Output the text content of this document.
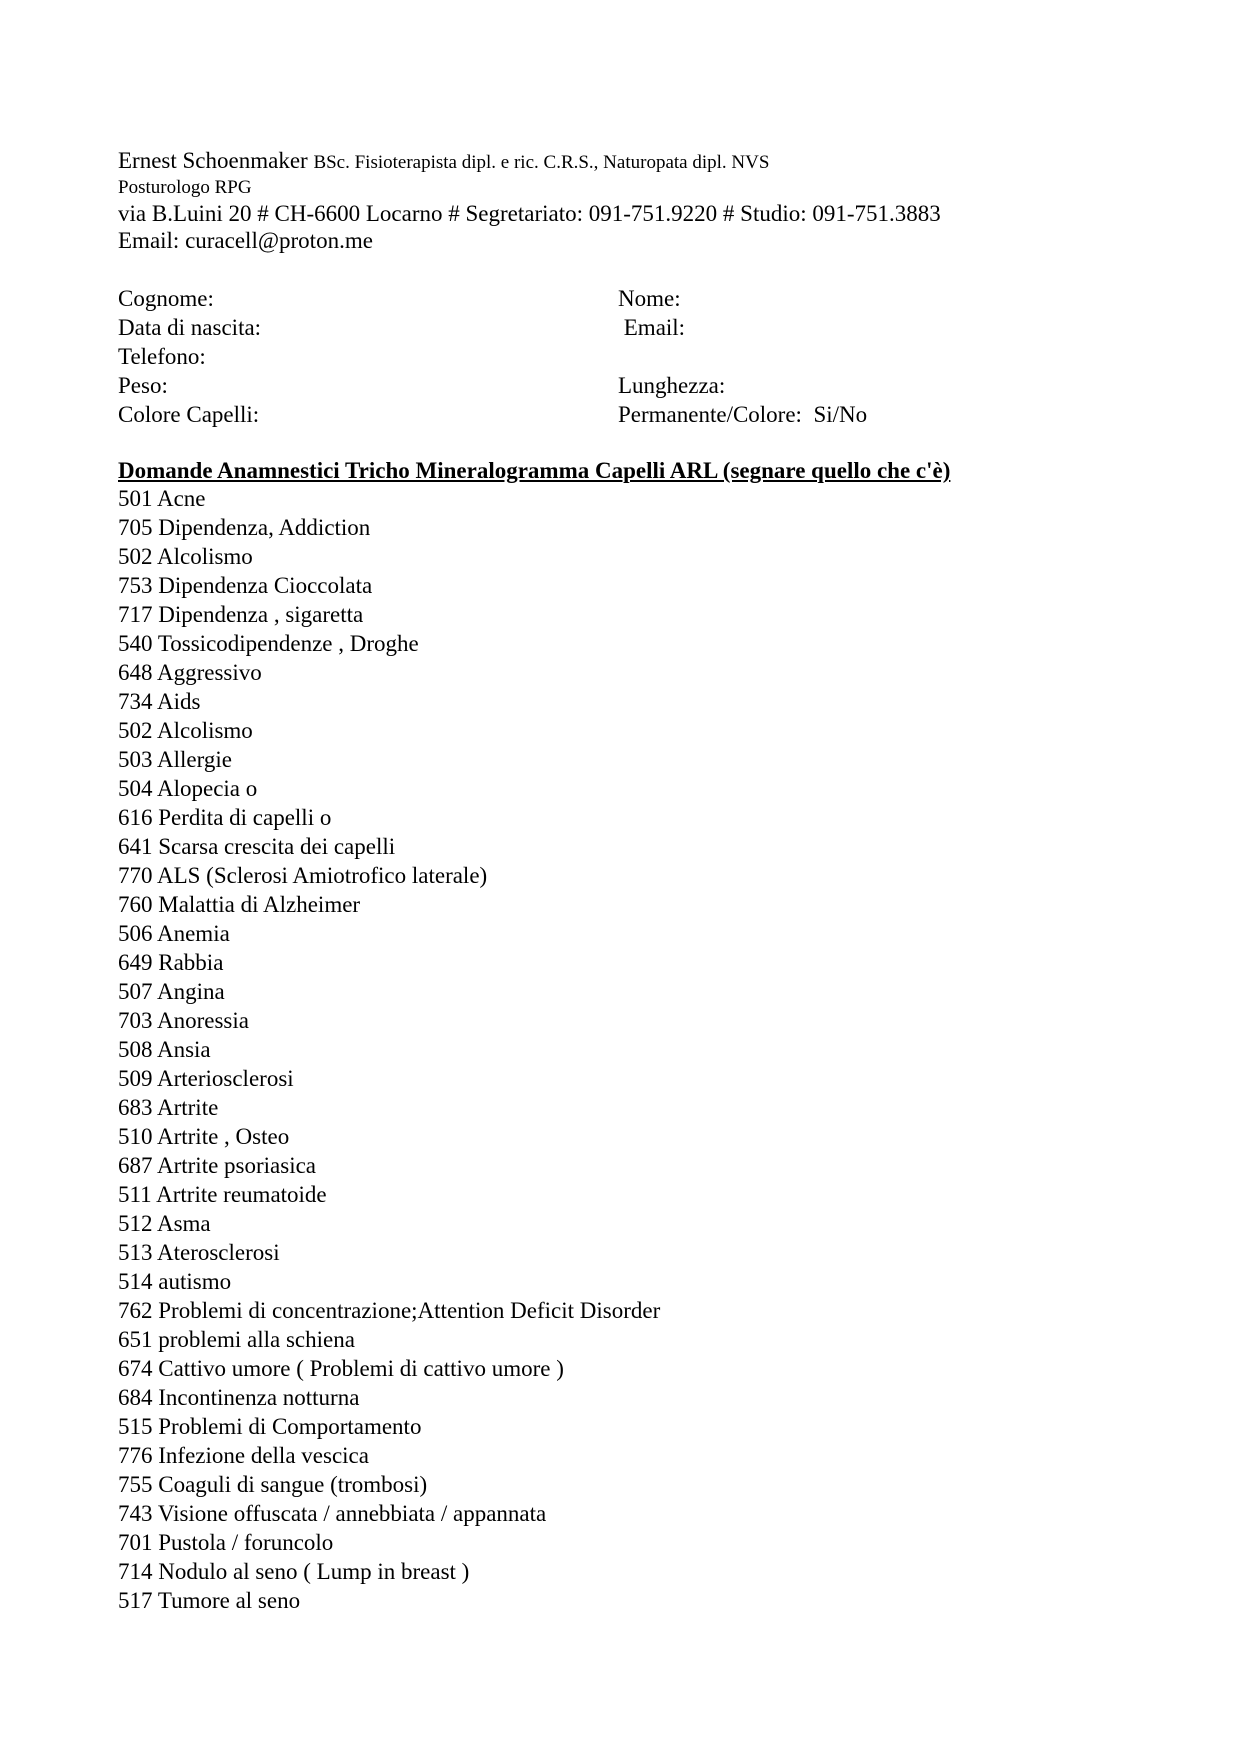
Ernest Schoenmaker BSc. Fisioterapista dipl. e ric. C.R.S., Naturopata dipl. NVS
Posturologo RPG
via B.Luini 20 # CH-6600 Locarno # Segretariato: 091-751.9220 # Studio: 091-751.3883
Email: curacell@proton.me
Cognome:	Nome:
Data di nascita:	Email:
Telefono:
Peso:	Lunghezza:
Colore Capelli:	Permanente/Colore:  Si/No
Domande Anamnestici Tricho Mineralogramma Capelli ARL (segnare quello che c'è)
501 Acne
705 Dipendenza, Addiction
502 Alcolismo
753 Dipendenza Cioccolata
717 Dipendenza , sigaretta
540 Tossicodipendenze , Droghe
648 Aggressivo
734 Aids
502 Alcolismo
503 Allergie
504 Alopecia o
616 Perdita di capelli o
641 Scarsa crescita dei capelli
770 ALS (Sclerosi Amiotrofico laterale)
760 Malattia di Alzheimer
506 Anemia
649 Rabbia
507 Angina
703 Anoressia
508 Ansia
509 Arteriosclerosi
683 Artrite
510 Artrite , Osteo
687 Artrite psoriasica
511 Artrite reumatoide
512 Asma
513 Aterosclerosi
514 autismo
762 Problemi di concentrazione;Attention Deficit Disorder
651 problemi alla schiena
674 Cattivo umore ( Problemi di cattivo umore )
684 Incontinenza notturna
515 Problemi di Comportamento
776 Infezione della vescica
755 Coaguli di sangue (trombosi)
743 Visione offuscata / annebbiata / appannata
701 Pustola / foruncolo
714 Nodulo al seno ( Lump in breast )
517 Tumore al seno
